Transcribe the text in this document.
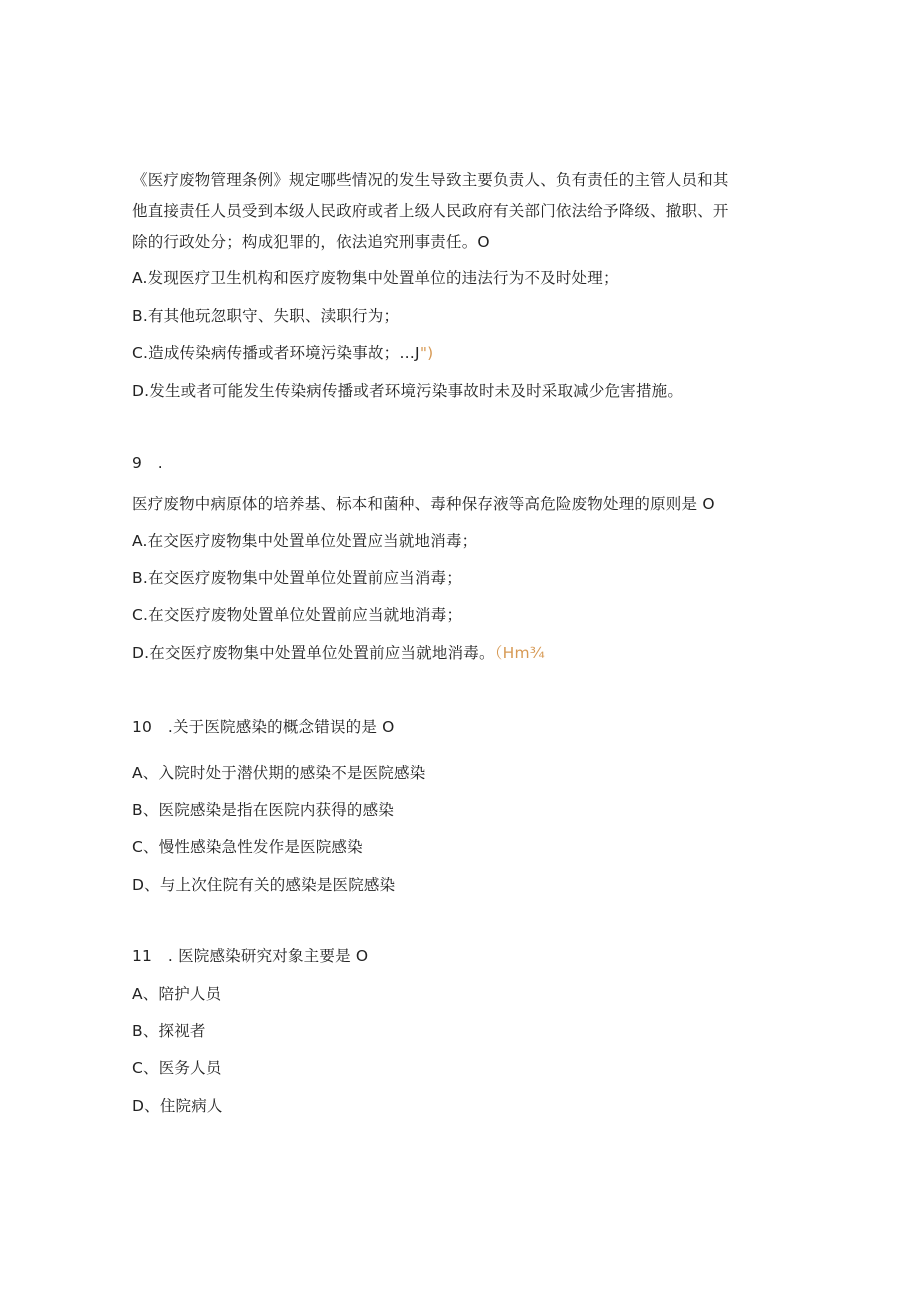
《医疗废物管理条例》规定哪些情况的发生导致主要负责人、负有责任的主管人员和其
他直接责任人员受到本级人民政府或者上级人民政府有关部门依法给予降级、撤职、开
除的行政处分；构成犯罪的，依法追究刑事责任。O
A.发现医疗卫生机构和医疗废物集中处置单位的违法行为不及时处理；
B.有其他玩忽职守、失职、渎职行为；
C.造成传染病传播或者环境污染事故；…J")
D.发生或者可能发生传染病传播或者环境污染事故时未及时采取减少危害措施。
9　.
医疗废物中病原体的培养基、标本和菌种、毒种保存液等高危险废物处理的原则是 O
A.在交医疗废物集中处置单位处置应当就地消毒；
B.在交医疗废物集中处置单位处置前应当消毒；
C.在交医疗废物处置单位处置前应当就地消毒；
D.在交医疗废物集中处置单位处置前应当就地消毒。（Hm¾
10　.关于医院感染的概念错误的是 O
A、入院时处于潜伏期的感染不是医院感染
B、医院感染是指在医院内获得的感染
C、慢性感染急性发作是医院感染
D、与上次住院有关的感染是医院感染
11　. 医院感染研究对象主要是 O
A、陪护人员
B、探视者
C、医务人员
D、住院病人
